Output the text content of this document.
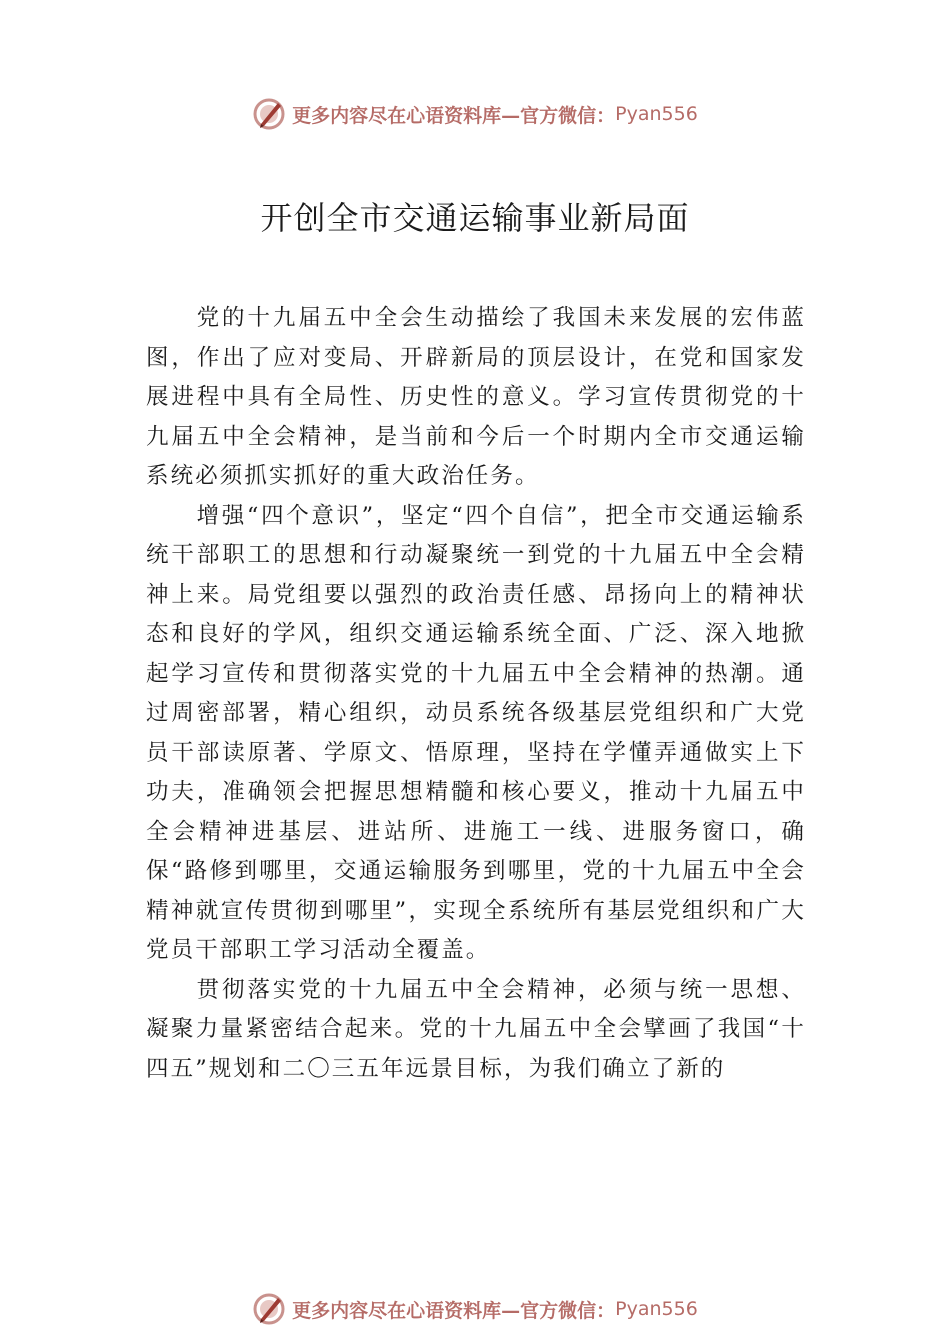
更多内容尽在心语资料库—官方微信： Pyan556
开创全市交通运输事业新局面

党的十九届五中全会生动描绘了我国未来发展的宏伟蓝图，作出了应对变局、开辟新局的顶层设计，在党和国家发展进程中具有全局性、历史性的意义。学习宣传贯彻党的十九届五中全会精神，是当前和今后一个时期内全市交通运输系统必须抓实抓好的重大政治任务。

增强“四个意识”，坚定“四个自信”，把全市交通运输系统干部职工的思想和行动凝聚统一到党的十九届五中全会精神上来。局党组要以强烈的政治责任感、昂扬向上的精神状态和良好的学风，组织交通运输系统全面、广泛、深入地掀起学习宣传和贯彻落实党的十九届五中全会精神的热潮。通过周密部署，精心组织，动员系统各级基层党组织和广大党员干部读原著、学原文、悟原理，坚持在学懂弄通做实上下功夫，准确领会把握思想精髓和核心要义，推动十九届五中全会精神进基层、进站所、进施工一线、进服务窗口，确保“路修到哪里，交通运输服务到哪里，党的十九届五中全会精神就宣传贯彻到哪里”，实现全系统所有基层党组织和广大党员干部职工学习活动全覆盖。

贯彻落实党的十九届五中全会精神，必须与统一思想、凝聚力量紧密结合起来。党的十九届五中全会擘画了我国“十四五”规划和二〇三五年远景目标，为我们确立了新的

更多内容尽在心语资料库—官方微信： Pyan556
